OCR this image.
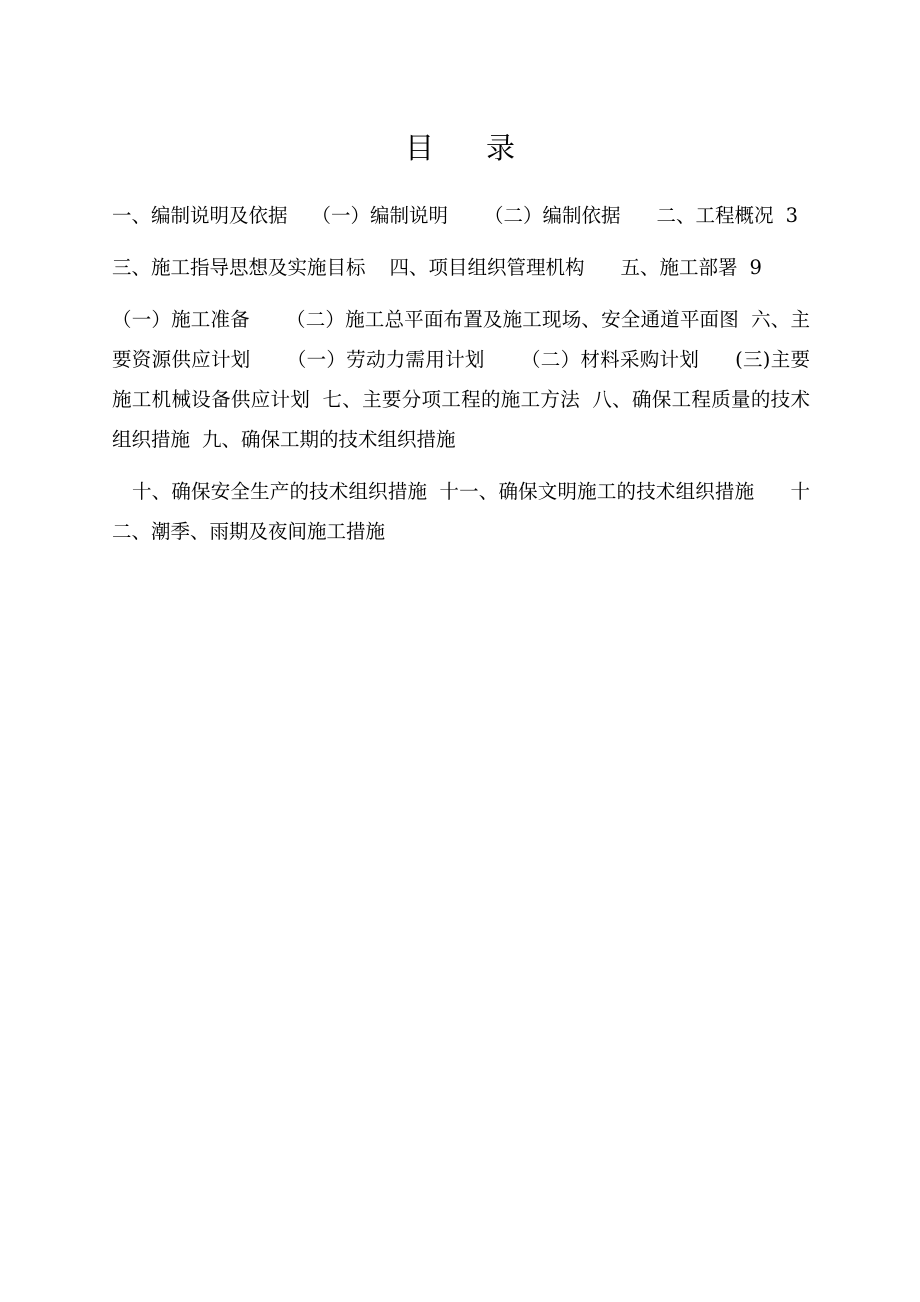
目 录

一、编制说明及依据 （一）编制说明 （二）编制依据 二、工程概况 3

三、施工指导思想及实施目标 四、项目组织管理机构 五、施工部署 9

（一）施工准备 （二）施工总平面布置及施工现场、安全通道平面图 六、主要资源供应计划 （一）劳动力需用计划 （二）材料采购计划 (三)主要施工机械设备供应计划 七、主要分项工程的施工方法 八、确保工程质量的技术组织措施 九、确保工期的技术组织措施

十、确保安全生产的技术组织措施 十一、确保文明施工的技术组织措施 十二、潮季、雨期及夜间施工措施
